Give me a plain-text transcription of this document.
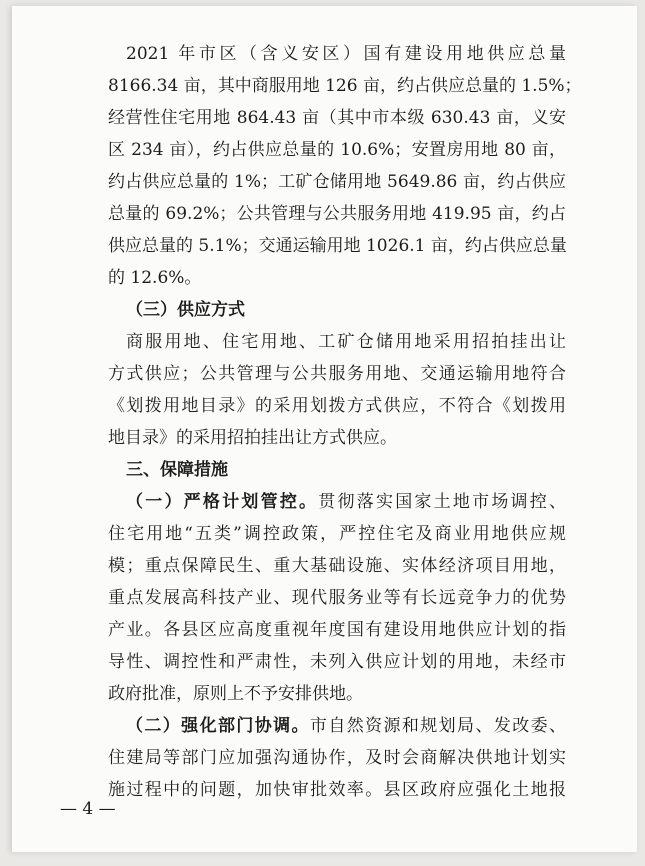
2021 年市区（含义安区）国有建设用地供应总量
8166.34 亩，其中商服用地 126 亩，约占供应总量的 1.5%；
经营性住宅用地 864.43 亩（其中市本级 630.43 亩，义安
区 234 亩），约占供应总量的 10.6%；安置房用地 80 亩，
约占供应总量的 1%；工矿仓储用地 5649.86 亩，约占供应
总量的 69.2%；公共管理与公共服务用地 419.95 亩，约占
供应总量的 5.1%；交通运输用地 1026.1 亩，约占供应总量
的 12.6%。
（三）供应方式
商服用地、住宅用地、工矿仓储用地采用招拍挂出让
方式供应；公共管理与公共服务用地、交通运输用地符合
《划拨用地目录》的采用划拨方式供应，不符合《划拨用
地目录》的采用招拍挂出让方式供应。
三、保障措施
（一）严格计划管控。贯彻落实国家土地市场调控、
住宅用地“五类”调控政策，严控住宅及商业用地供应规
模；重点保障民生、重大基础设施、实体经济项目用地，
重点发展高科技产业、现代服务业等有长远竞争力的优势
产业。各县区应高度重视年度国有建设用地供应计划的指
导性、调控性和严肃性，未列入供应计划的用地，未经市
政府批准，原则上不予安排供地。
— 4 —
（二）强化部门协调。市自然资源和规划局、发改委、
住建局等部门应加强沟通协作，及时会商解决供地计划实
施过程中的问题，加快审批效率。县区政府应强化土地报
